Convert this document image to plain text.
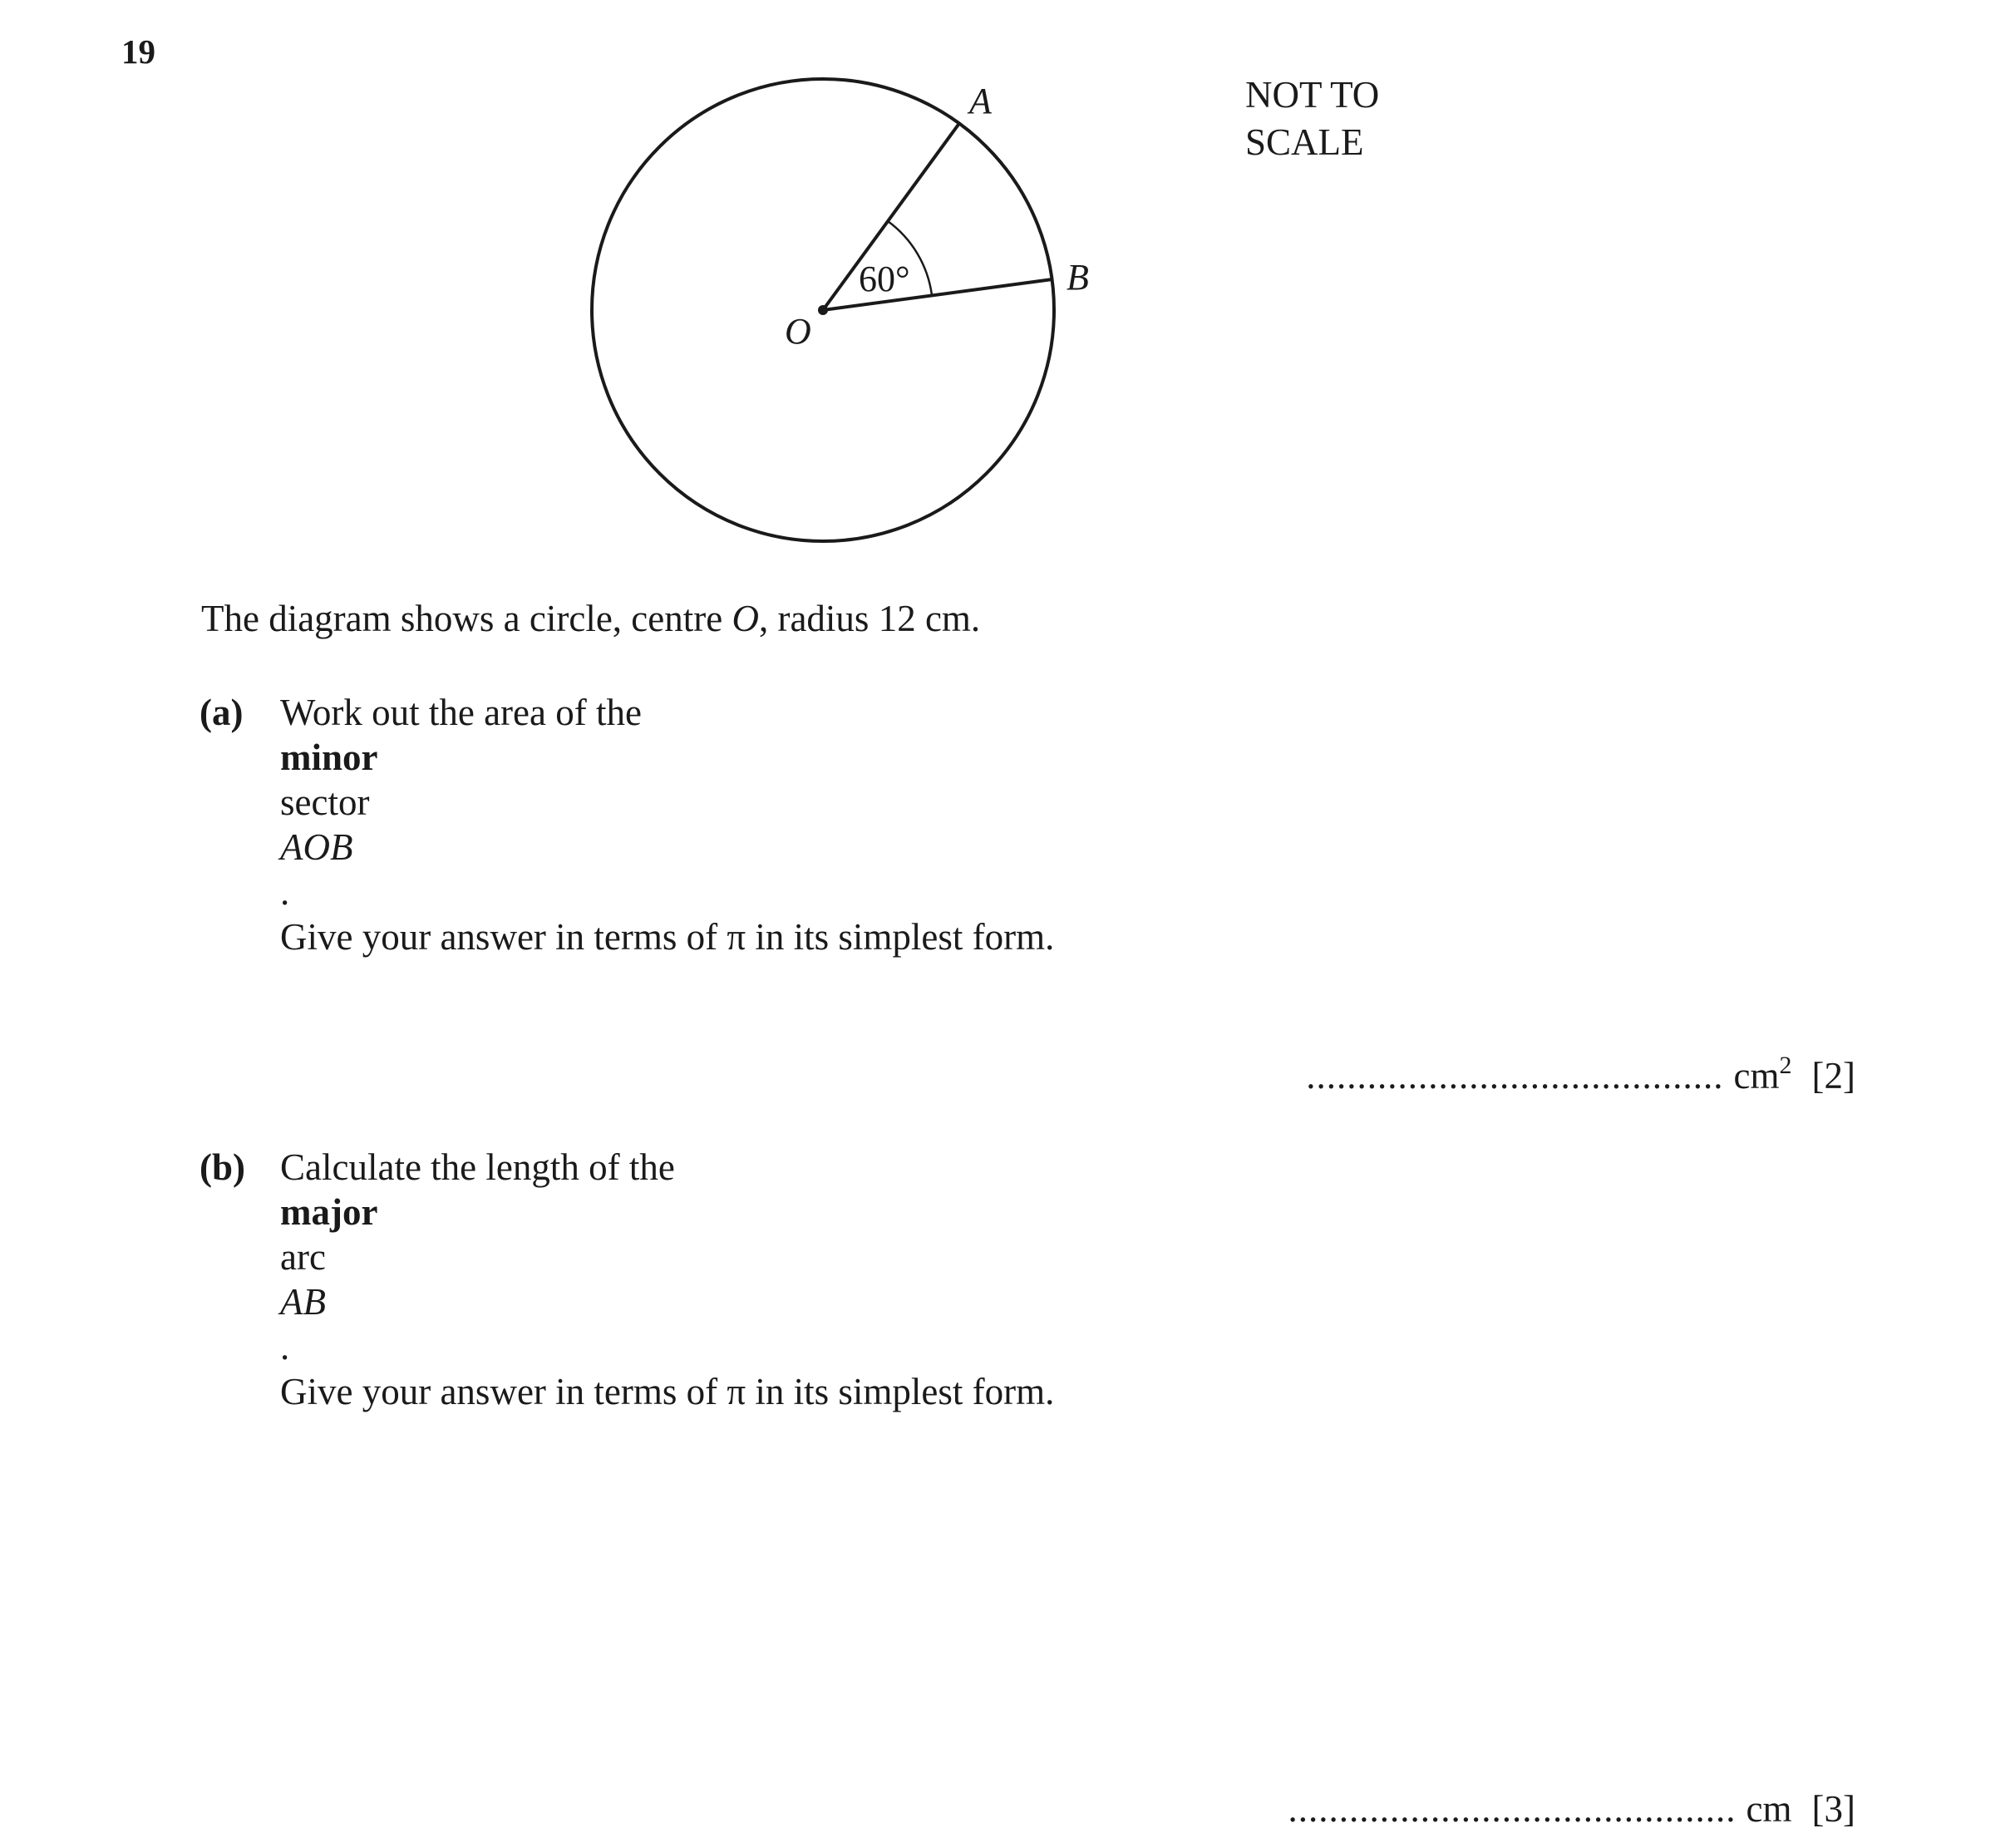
19
60°
A
B
O
NOT TO
SCALE
The diagram shows a circle, centre O, radius 12 cm.
(a) Work out the area of the
minor
sector
AOB
.
Give your answer in terms of π in its simplest form.
......................................... $cm^2$ [2]
(b) Calculate the length of the
major
arc
AB
.
Give your answer in terms of π in its simplest form.
............................................ cm [3]
